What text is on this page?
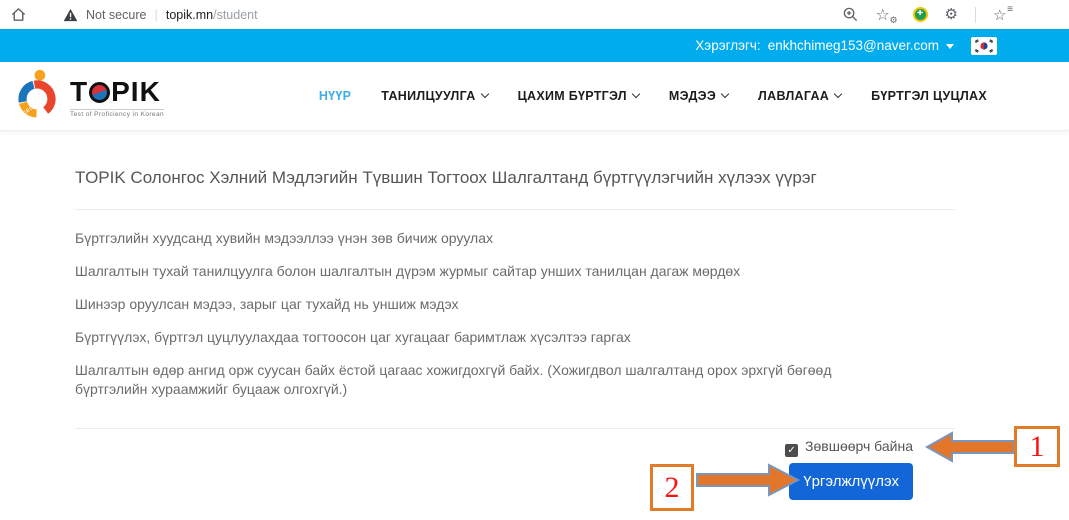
Not secure | topik.mn/student	☆ ⚙
✚	⚙ ☆ ≡
Хэрэглэгч: enkhchimeg153@naver.com
7LCEC
T PIK
Test of Proficiency in Korean
НҮҮР ТАНИЛЦУУЛГА	ЦАХИМ БҮРТГЭЛ	МЭДЭЭ	ЛАВЛАГАА	БҮРТГЭЛ ЦУЦЛАХ
TOPIK Солонгос Хэлний Мэдлэгийн Түвшин Тогтоох Шалгалтанд бүртгүүлэгчийн хүлээх үүрэг

Бүртгэлийн хуудсанд хувийн мэдээллээ үнэн зөв бичиж оруулах

Шалгалтын тухай танилцуулга болон шалгалтын дүрэм журмыг сайтар унших танилцан дагаж мөрдөх

Шинээр оруулсан мэдээ, зарыг цаг тухайд нь уншиж мэдэх

Бүртгүүлэх, бүртгэл цуцлуулахдаа тогтоосон цаг хугацааг баримтлаж хүсэлтээ гаргах

Шалгалтын өдөр ангид орж суусан байх ёстой цагаас хожигдохгүй байх. (Хожигдвол шалгалтанд орох эрхгүй бөгөөд бүртгэлийн хураамжийг буцааж олгохгүй.)

✓ Зөвшөөрч байна
Үргэлжлүүлэх
1
2
